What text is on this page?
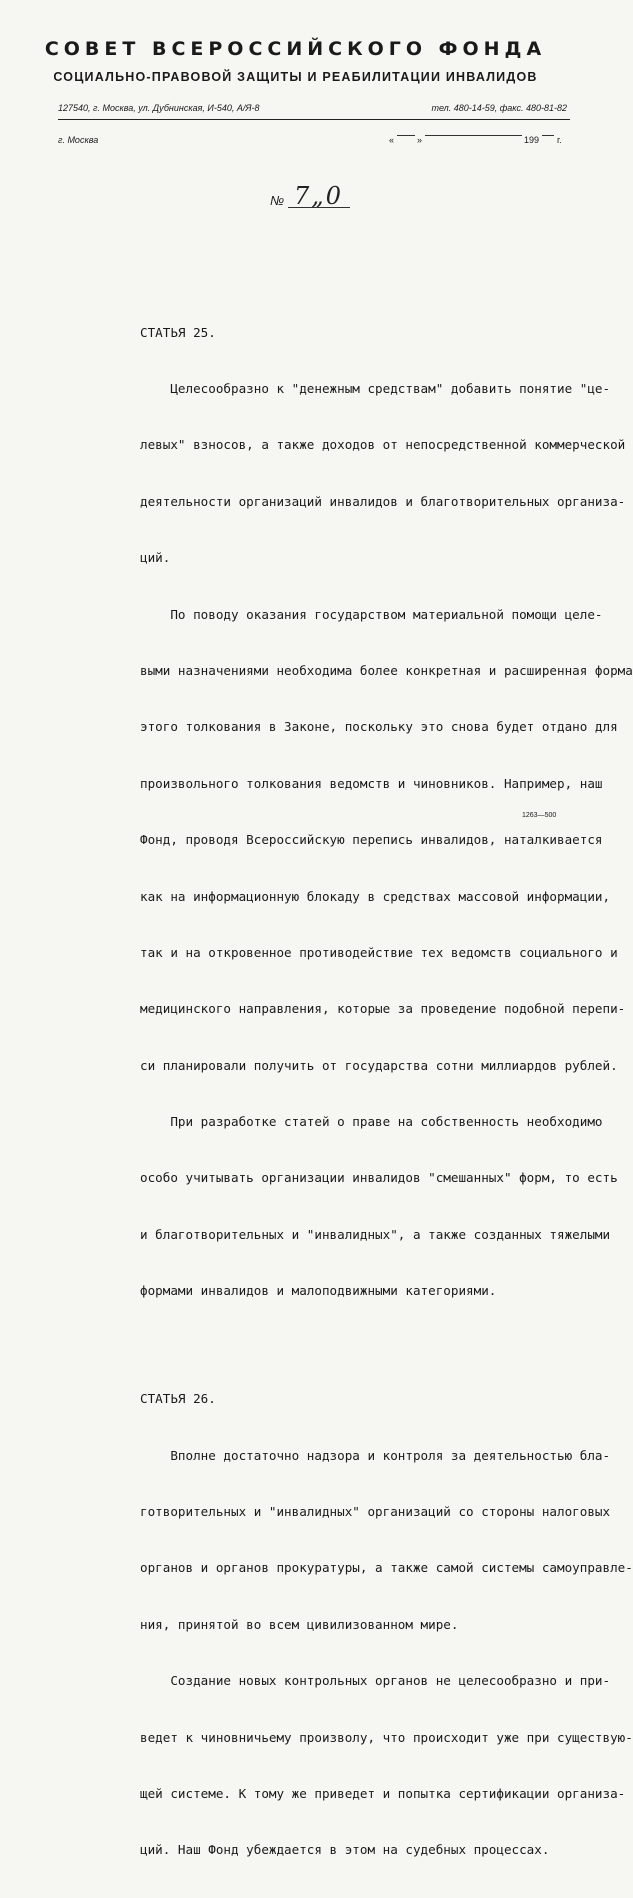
СОВЕТ ВСЕРОССИЙСКОГО ФОНДА
СОЦИАЛЬНО-ПРАВОВОЙ ЗАЩИТЫ И РЕАБИЛИТАЦИИ ИНВАЛИДОВ
127540, г. Москва, ул. Дубнинская, И-540, А/Я-8	тел. 480-14-59, факс. 480-81-82
г. Москва	«	»	199 г.
№ 7„0

СТАТЬЯ 25.

Целесообразно к "денежным средствам" добавить понятие "це-

левых" взносов, а также доходов от непосредственной коммерческой

деятельности организаций инвалидов и благотворительных организа-

ций.

По поводу оказания государством материальной помощи целе-

выми назначениями необходима более конкретная и расширенная форма

этого толкования в Законе, поскольку это снова будет отдано для

произвольного толкования ведомств и чиновников. Например, наш

Фонд, проводя Всероссийскую перепись инвалидов, наталкивается

как на информационную блокаду в средствах массовой информации,

так и на откровенное противодействие тех ведомств социального и

медицинского направления, которые за проведение подобной перепи-

си планировали получить от государства сотни миллиардов рублей.

При разработке статей о праве на собственность необходимо

особо учитывать организации инвалидов "смешанных" форм, то есть

и благотворительных и "инвалидных", а также созданных тяжелыми

формами инвалидов и малоподвижными категориями.

СТАТЬЯ 26.

Вполне достаточно надзора и контроля за деятельностью бла-

готворительных и "инвалидных" организаций со стороны налоговых

органов и органов прокуратуры, а также самой системы самоуправле-

ния, принятой во всем цивилизованном мире.

Создание новых контрольных органов не целесообразно и при-

ведет к чиновничьему произволу, что происходит уже при существую-

щей системе. К тому же приведет и попытка сертификации организа-

ций. Наш Фонд убеждается в этом на судебных процессах.

1263—500
